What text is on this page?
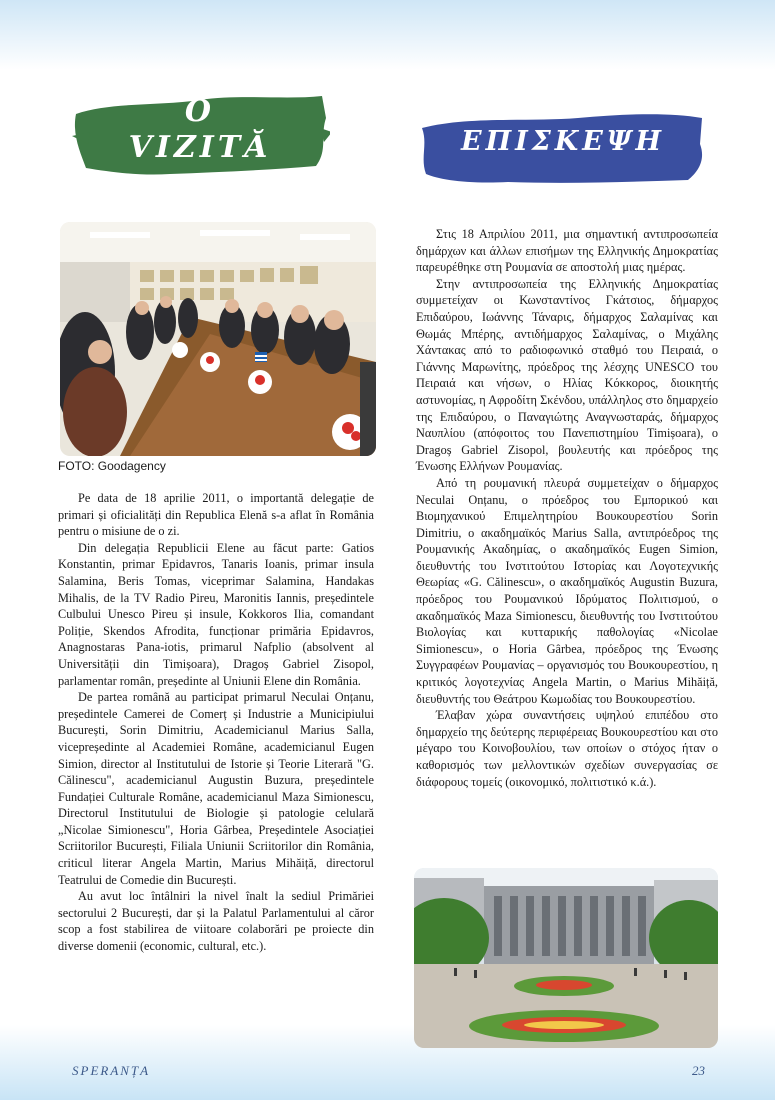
O
VIZITĂ	ΕΠΙΣΚΕΨΗ
FOTO: Goodagency

Pe data de 18 aprilie 2011, o importantă delegație de primari și oficialități din Republica Elenă s-a aflat în România pentru o misiune de o zi.

Din delegația Republicii Elene au făcut parte: Gatios Konstantin, primar Epidavros, Tanaris Ioanis, primar insula Salamina, Beris Tomas, viceprimar Salamina, Handakas Mihalis, de la TV Radio Pireu, Maronitis Iannis, președintele Culbului Unesco Pireu și insule, Kokkoros Ilia, comandant Poliție, Skendos Afrodita, funcționar primăria Epidavros, Anagnostaras Pana-iotis, primarul Nafplio (absolvent al Universității din Timișoara), Dragoș Gabriel Zisopol, parlamentar român, președinte al Uniunii Elene din România.

De partea română au participat primarul Neculai Onțanu, președintele Camerei de Comerț și Industrie a Municipiului București, Sorin Dimitriu, Academicianul Marius Salla, vicepreședinte al Academiei Române, academicianul Eugen Simion, director al Institutului de Istorie și Teorie Literară "G. Călinescu", academicianul Augustin Buzura, președintele Fundației Culturale Române, academicianul Maza Simionescu, Directorul Institutului de Biologie și patologie celulară „Nicolae Simionescu", Horia Gârbea, Președintele Asociației Scriitorilor București, Filiala Uniunii Scriitorilor din România, criticul literar Angela Martin, Marius Mihăiță, directorul Teatrului de Comedie din București.

Au avut loc întâlniri la nivel înalt la sediul Primăriei sectorului 2 București, dar și la Palatul Parlamentului al căror scop a fost stabilirea de viitoare colaborări pe proiecte din diverse domenii (economic, cultural, etc.).

Στις 18 Απριλίου 2011, μια σημαντική αντιπροσωπεία δημάρχων και άλλων επισήμων της Ελληνικής Δημοκρατίας παρευρέθηκε στη Ρουμανία σε αποστολή μιας ημέρας.

Στην αντιπροσωπεία της Ελληνικής Δημοκρατίας συμμετείχαν οι Κωνσταντίνος Γκάτσιος, δήμαρχος Επιδαύρου, Ιωάννης Τάναρις, δήμαρχος Σαλαμίνας και Θωμάς Μπέρης, αντιδήμαρχος Σαλαμίνας, ο Μιχάλης Χάντακας από το ραδιοφωνικό σταθμό του Πειραιά, ο Γιάννης Μαρωνίτης, πρόεδρος της λέσχης UNESCO του Πειραιά και νήσων, ο Ηλίας Κόκκορος, διοικητής αστυνομίας, η Αφροδίτη Σκένδου, υπάλληλος στο δημαρχείο της Επιδαύρου, ο Παναγιώτης Αναγνωσταράς, δήμαρχος Ναυπλίου (απόφοιτος του Πανεπιστημίου Timișoara), ο Dragoș Gabriel Zisopol, βουλευτής και πρόεδρος της Ένωσης Ελλήνων Ρουμανίας.

Από τη ρουμανική πλευρά συμμετείχαν ο δήμαρχος Neculai Onțanu, ο πρόεδρος του Εμπορικού και Βιομηχανικού Επιμελητηρίου Βουκουρεστίου Sorin Dimitriu, ο ακαδημαϊκός Marius Salla, αντιπρόεδρος της Ρουμανικής Ακαδημίας, ο ακαδημαϊκός Eugen Simion, διευθυντής του Ινστιτούτου Ιστορίας και Λογοτεχνικής Θεωρίας «G. Călinescu», ο ακαδημαϊκός Augustin Buzura, πρόεδρος του Ρουμανικού Ιδρύματος Πολιτισμού, ο ακαδημαϊκός Maza Simionescu, διευθυντής του Ινστιτούτου Βιολογίας και κυτταρικής παθολογίας «Nicolae Simionescu», ο Horia Gârbea, πρόεδρος της Ένωσης Συγγραφέων Ρουμανίας – οργανισμός του Βουκουρεστίου, η κριτικός λογοτεχνίας Angela Martin, ο Marius Mihăiță, διευθυντής του Θεάτρου Κωμωδίας του Βουκουρεστίου.

Έλαβαν χώρα συναντήσεις υψηλού επιπέδου στο δημαρχείο της δεύτερης περιφέρειας Βουκουρεστίου και στο μέγαρο του Κοινοβουλίου, των οποίων ο στόχος ήταν ο καθορισμός των μελλοντικών σχεδίων συνεργασίας σε διάφορους τομείς (οικονομικό, πολιτιστικό κ.ά.).

SPERANȚA	23
